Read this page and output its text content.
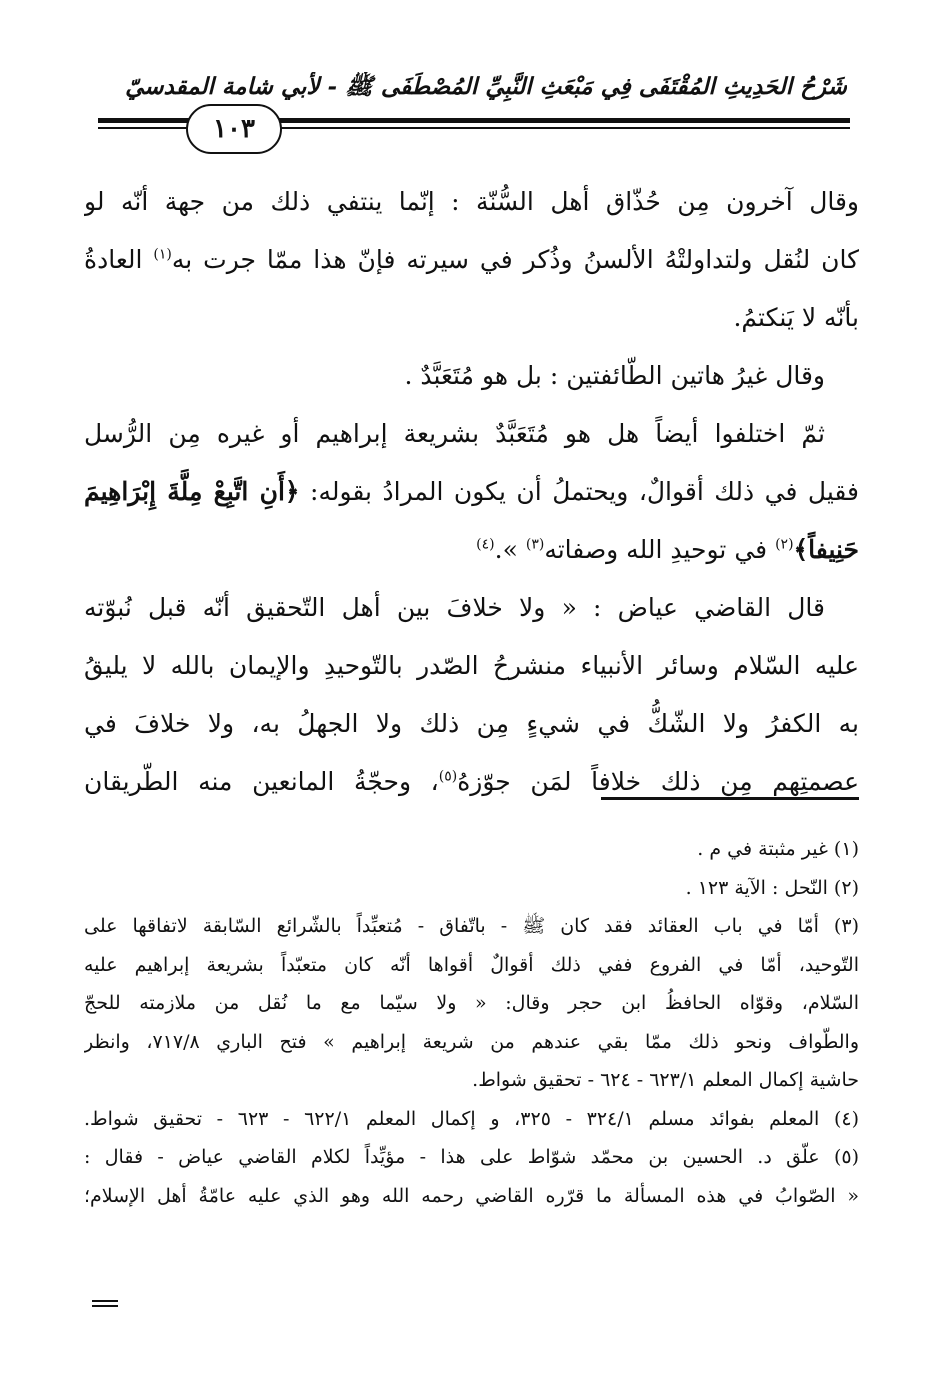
شَرْحُ الحَدِيثِ المُقْتَفَى فِي مَبْعَثِ النَّبِيِّ المُصْطَفَى ﷺ - لأبي شامة المقدسيّ
١٠٣
وقال آخرون مِن حُذّاق أهل السُّنّة : إنّما ينتفي ذلك من جهة أنّه لو
كان لنُقل ولتداولتْهُ الألسنُ وذُكر في سيرته فإنّ هذا ممّا جرت به$^{(١)}$ العادةُ
بأنّه لا يَنكتمُ.
وقال غيرُ هاتين الطّائفتين : بل هو مُتَعَبَّدٌ .
ثمّ اختلفوا أيضاً هل هو مُتَعَبَّدٌ بشريعة إبراهيم أو غيره مِن الرُّسل
فقيل في ذلك أقوالٌ، ويحتملُ أن يكون المرادُ بقوله: ﴿أَنِ اتَّبِعْ مِلَّةَ إِبْرَاهِيمَ
حَنِيفاً﴾$^{(٢)}$ في توحيدِ الله وصفاته$^{(٣)}$ ».$^{(٤)}$
قال القاضي عياض : « ولا خلافَ بين أهل التّحقيق أنّه قبل نُبوّته
عليه السّلام وسائر الأنبياء منشرحُ الصّدر بالتّوحيدِ والإيمان بالله لا يليقُ
به الكفرُ ولا الشّكُّ في شيءٍ مِن ذلك ولا الجهلُ به، ولا خلافَ في
عصمتِهم مِن ذلك خلافاً لمَن جوّزهُ$^{(٥)}$، وحجّةُ المانعين منه الطّريقان
(١) غير مثبتة في م .
(٢) النّحل : الآية ١٢٣ .
(٣) أمّا في باب العقائد فقد كان ﷺ - باتّفاق - مُتعبِّداً بالشّرائع السّابقة لاتفاقها على
التّوحيد، أمّا في الفروع ففي ذلك أقوالٌ أقواها أنّه كان متعبّداً بشريعة إبراهيم عليه
السّلام، وقوّاه الحافظُ ابن حجر وقال: « ولا سيّما مع ما نُقل من ملازمته للحجّ
والطّواف ونحو ذلك ممّا بقي عندهم من شريعة إبراهيم » فتح الباري ٧١٧/٨، وانظر
حاشية إكمال المعلم ٦٢٣/١ - ٦٢٤ - تحقيق شواط.
(٤) المعلم بفوائد مسلم ٣٢٤/١ - ٣٢٥، و إكمال المعلم ٦٢٢/١ - ٦٢٣ - تحقيق شواط.
(٥) علّق د. الحسين بن محمّد شوّاط على هذا - مؤيِّداً لكلام القاضي عياض - فقال :
« الصّوابُ في هذه المسألة ما قرّره القاضي رحمه الله وهو الذي عليه عامّةُ أهل الإسلام؛
